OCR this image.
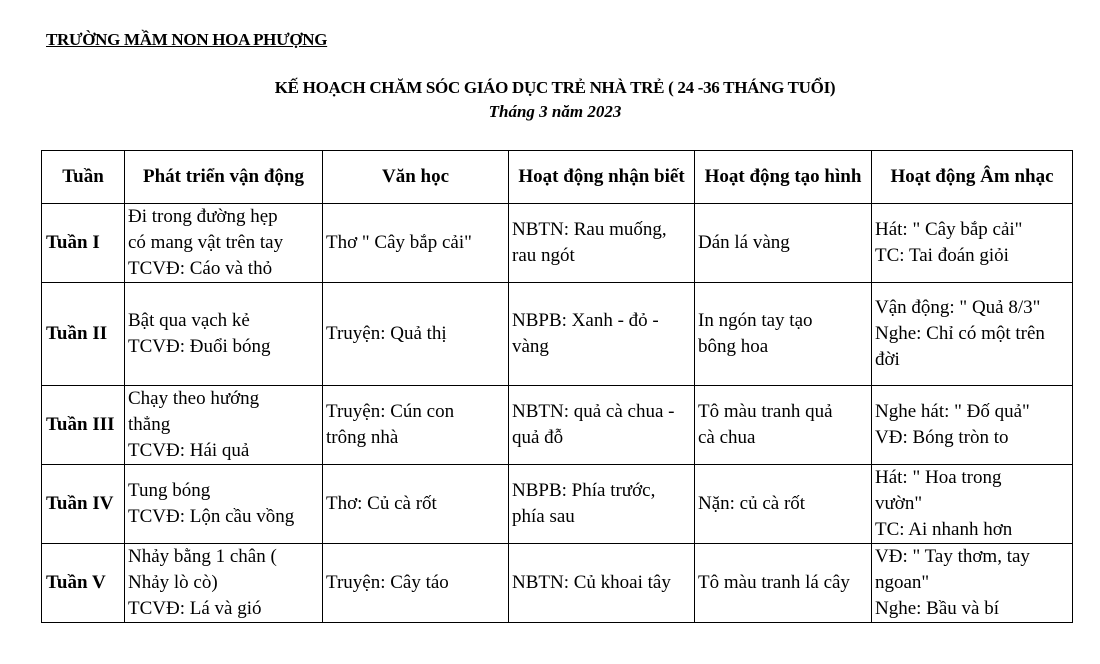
TRƯỜNG MẦM NON HOA PHƯỢNG
KẾ HOẠCH CHĂM SÓC GIÁO DỤC TRẺ NHÀ TRẺ ( 24 -36 THÁNG TUỔI)
Tháng 3 năm 2023
Tuần	Phát triển vận động	Văn học	Hoạt động nhận biết	Hoạt động tạo hình	Hoạt động Âm nhạc
Tuần I	Đi trong đường hẹp
có mang vật trên tay
TCVĐ: Cáo và thỏ	Thơ " Cây bắp cải"	NBTN: Rau muống,
rau ngót	Dán lá vàng	Hát: " Cây bắp cải"
TC: Tai đoán giỏi
Tuần II	Bật qua vạch kẻ
TCVĐ: Đuổi bóng	Truyện: Quả thị	NBPB: Xanh - đỏ -
vàng	In ngón tay tạo
bông hoa	Vận động: " Quả 8/3"
Nghe: Chỉ có một trên
đời
Tuần III	Chạy theo hướng
thẳng
TCVĐ: Hái quả	Truyện: Cún con
trông nhà	NBTN: quả cà chua -
quả đỗ	Tô màu tranh quả
cà chua	Nghe hát: " Đố quả"
VĐ: Bóng tròn to
Tuần IV	Tung bóng
TCVĐ: Lộn cầu vồng	Thơ: Củ cà rốt	NBPB: Phía trước,
phía sau	Nặn: củ cà rốt	Hát: " Hoa trong
vườn"
TC: Ai nhanh hơn
Tuần V	Nhảy bằng 1 chân (
Nhảy lò cò)
TCVĐ: Lá và gió	Truyện: Cây táo	NBTN: Củ khoai tây	Tô màu tranh lá cây	VĐ: " Tay thơm, tay
ngoan"
Nghe: Bầu và bí
